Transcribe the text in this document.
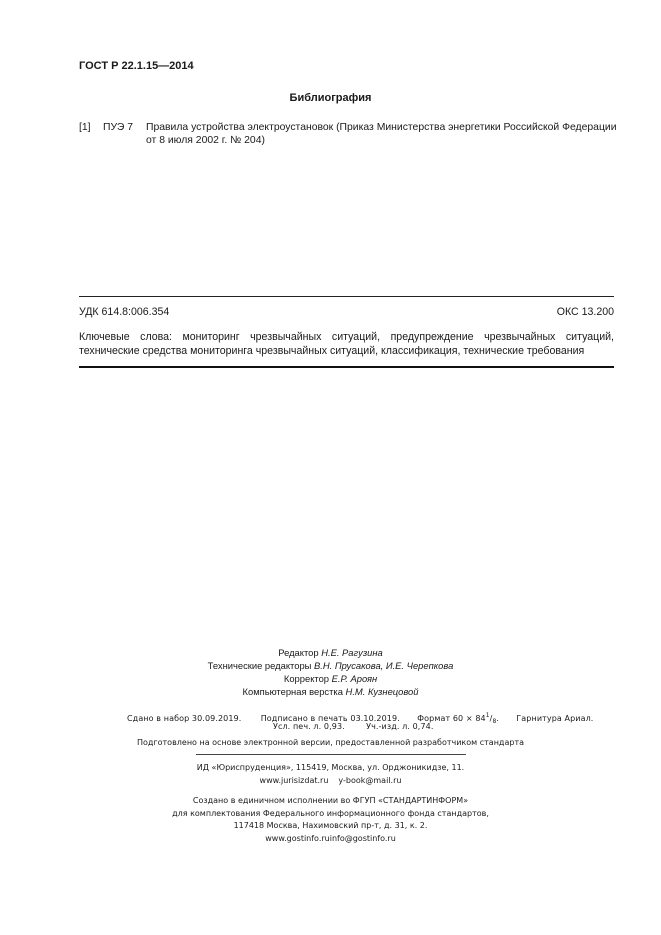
ГОСТ Р 22.1.15—2014
Библиография
[1] ПУЭ 7 Правила устройства электроустановок (Приказ Министерства энергетики Российской Федерации от 8 июля 2002 г. № 204)
УДК 614.8:006.354	ОКС 13.200
Ключевые слова: мониторинг чрезвычайных ситуаций, предупреждение чрезвычайных ситуаций, технические средства мониторинга чрезвычайных ситуаций, классификация, технические требования
Редактор Н.Е. Рагузина
Технические редакторы В.Н. Прусакова, И.Е. Черепкова
Корректор Е.Р. Ароян
Компьютерная верстка Н.М. Кузнецовой
Сдано в набор 30.09.2019. Подписано в печать 03.10.2019. Формат $60 \times 84^1/_8$. Гарнитура Ариал.
Усл. печ. л. 0,93.	Уч.-изд. л. 0,74.
Подготовлено на основе электронной версии, предоставленной разработчиком стандарта
ИД «Юриспруденция», 115419, Москва, ул. Орджоникидзе, 11.
www.jurisizdat.ru y-book@mail.ru
Создано в единичном исполнении во ФГУП «СТАНДАРТИНФОРМ»
для комплектования Федерального информационного фонда стандартов,
117418 Москва, Нахимовский пр-т, д. 31, к. 2.
www.gostinfo.ruinfo@gostinfo.ru
